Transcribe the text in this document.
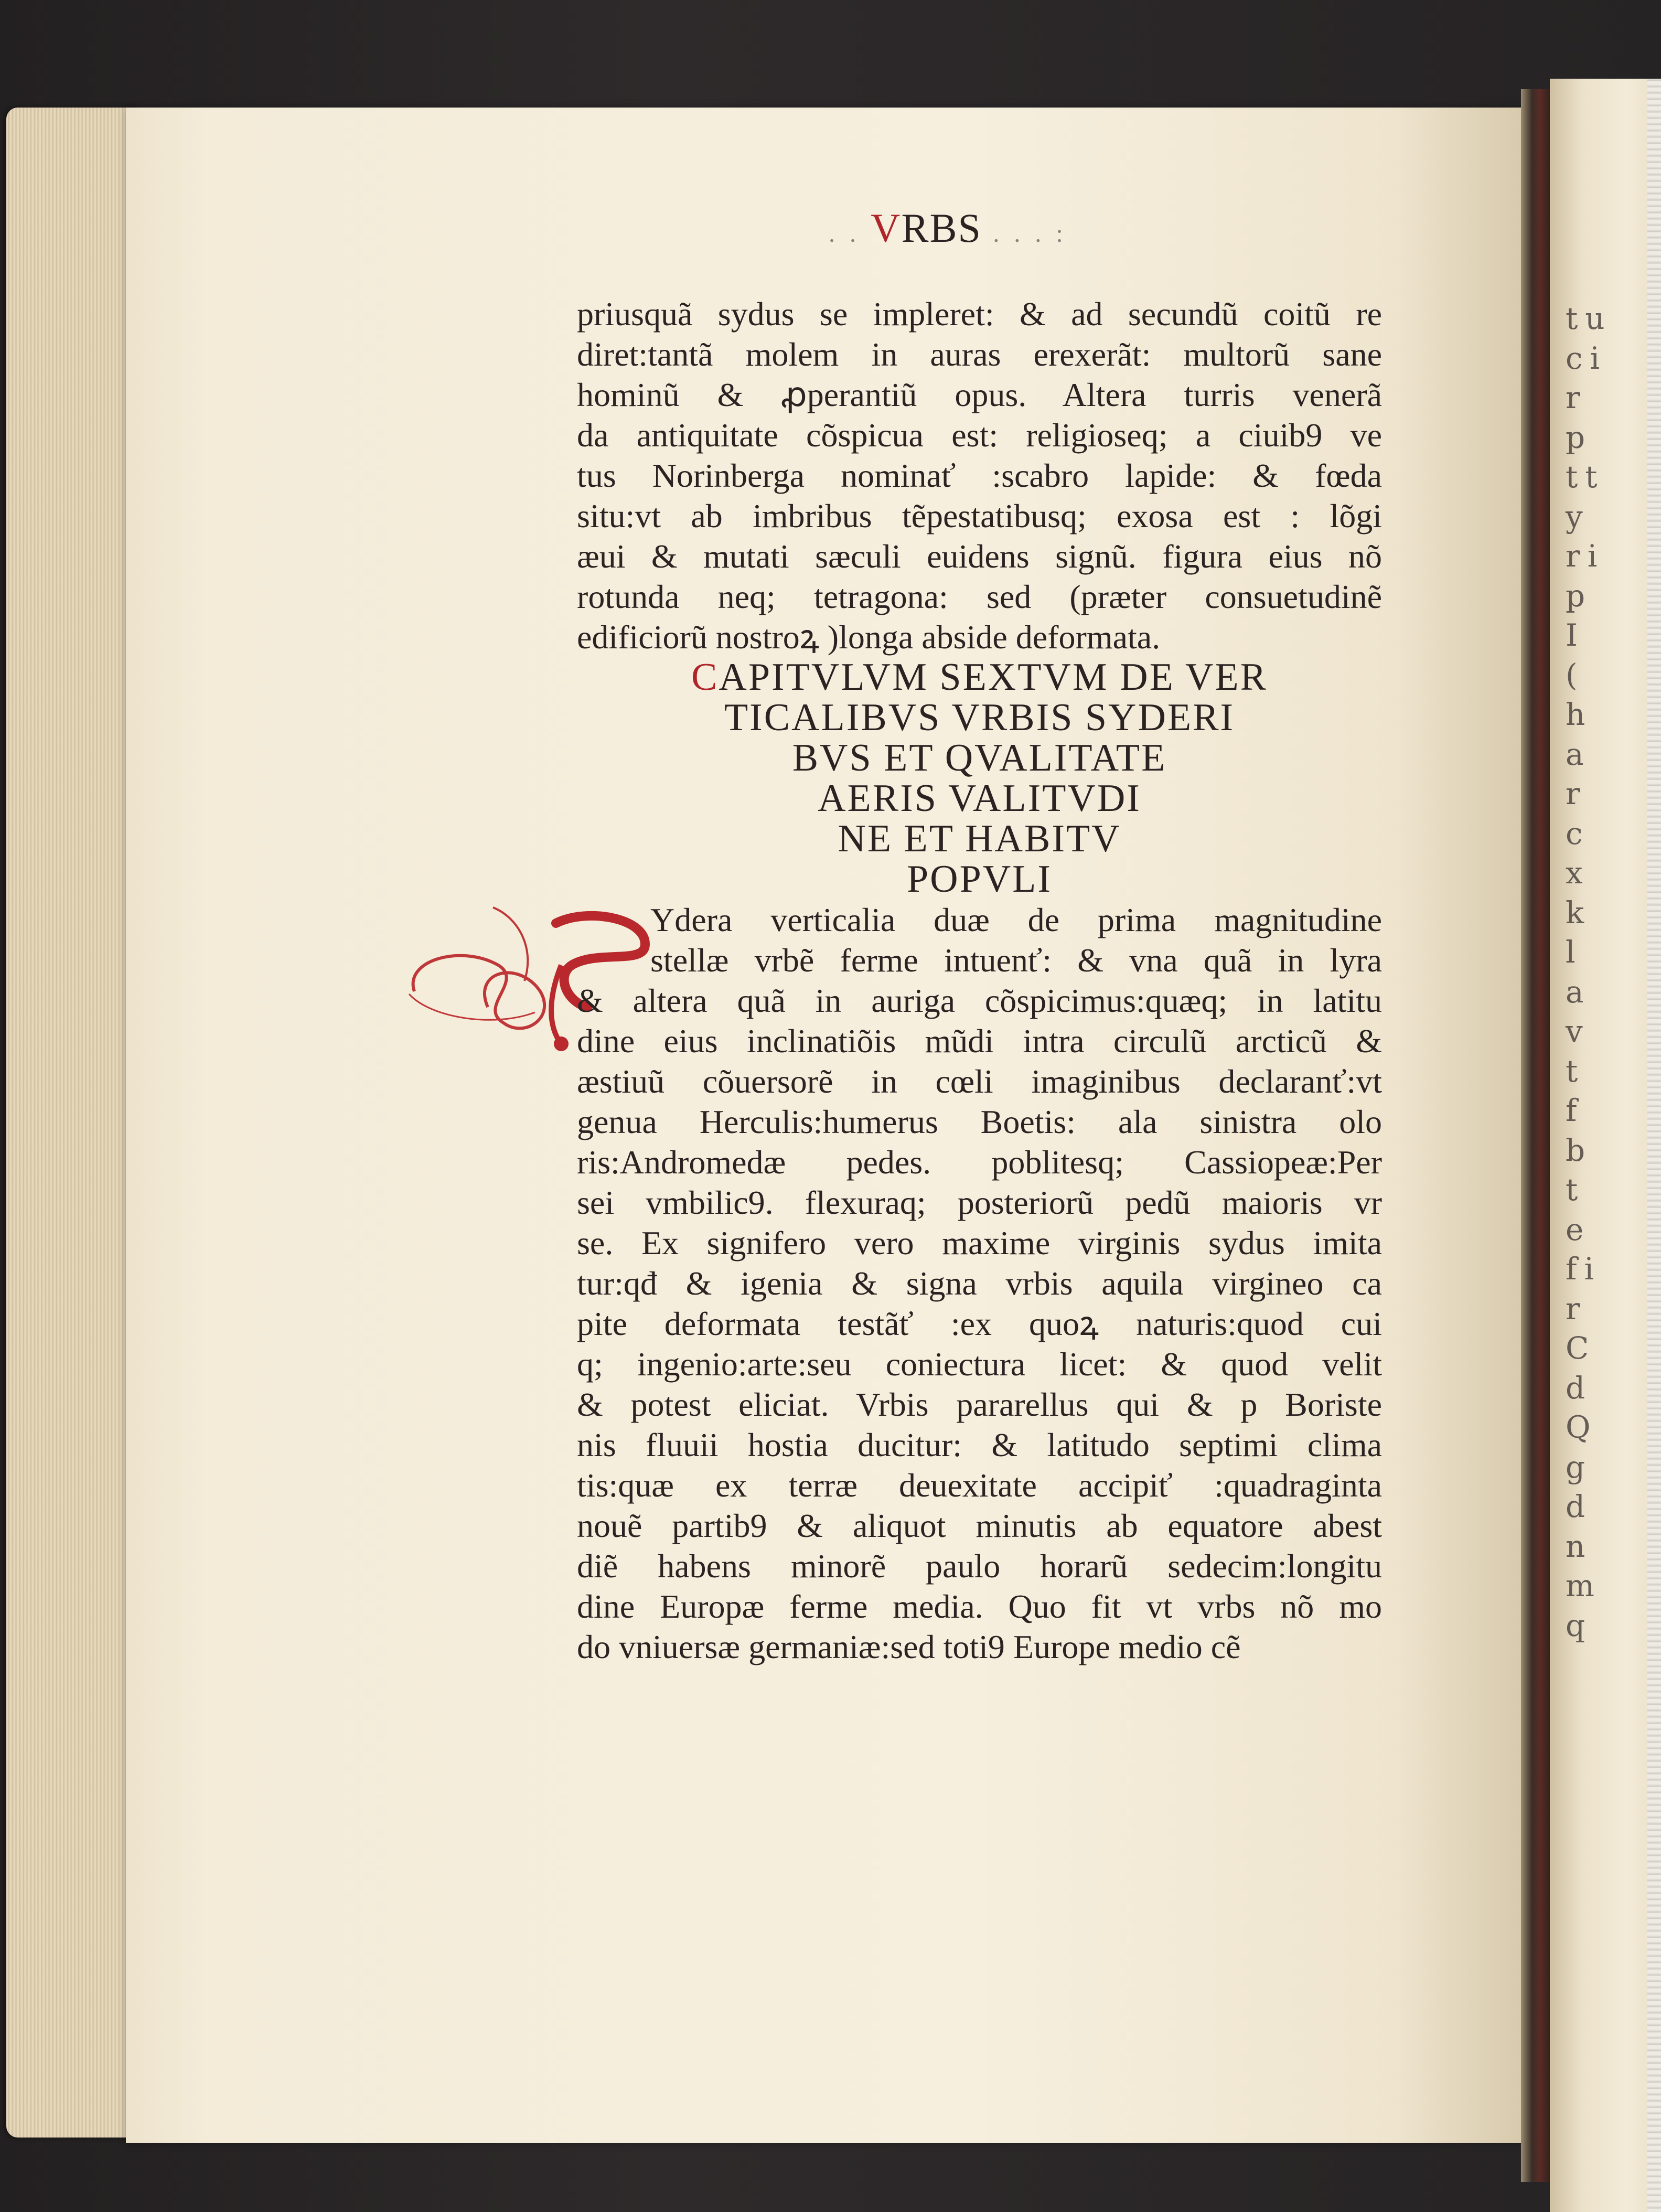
tu
ci
r
p
tt
y
ri
p
I
(
h
a
r
c
x
k
l
a
v
t
f
b
t
e
fi
r
C
d
Q
g
d
n
m
q
. . VRBS . . . :
priusquã sydus se impleret: & ad secundũ coitũ re
diret:tantã molem in auras erexerãt: multorũ sane
hominũ & ꝓperantiũ opus. Altera turris venerã
da antiquitate cõspicua est: religioseq; a ciuib9 ve
tus Norinberga nominať :scabro lapide: & fœda
situ:vt ab imbribus tẽpestatibusq; exosa est : lõgi
æui & mutati sæculi euidens signũ. figura eius nõ
rotunda neq; tetragona: sed (præter consuetudinẽ
edificiorũ nostroꝝ )longa abside deformata.
CAPITVLVM SEXTVM DE VER
TICALIBVS VRBIS SYDERI
BVS ET QVALITATE
AERIS VALITVDI
NE ET HABITV
POPVLI
Ydera verticalia duæ de prima magnitudine
stellæ vrbẽ ferme intuenť: & vna quã in lyra
& altera quã in auriga cõspicimus:quæq; in latitu
dine eius inclinatiõis mũdi intra circulũ arcticũ &
æstiuũ cõuersorẽ in cœli imaginibus declaranť:vt
genua Herculis:humerus Boetis: ala sinistra olo
ris:Andromedæ pedes. poblitesq; Cassiopeæ:Per
sei vmbilic9. flexuraq; posteriorũ pedũ maioris vr
se. Ex signifero vero maxime virginis sydus imita
tur:qđ & igenia & signa vrbis aquila virgineo ca
pite deformata testãť :ex quoꝝ naturis:quod cui
q; ingenio:arte:seu coniectura licet: & quod velit
& potest eliciat. Vrbis pararellus qui & p Boriste
nis fluuii hostia ducitur: & latitudo septimi clima
tis:quæ ex terræ deuexitate accipiť :quadraginta
nouẽ partib9 & aliquot minutis ab equatore abest
diẽ habens minorẽ paulo horarũ sedecim:longitu
dine Europæ ferme media. Quo fit vt vrbs nõ mo
do vniuersæ germaniæ:sed toti9 Europe medio cẽ
